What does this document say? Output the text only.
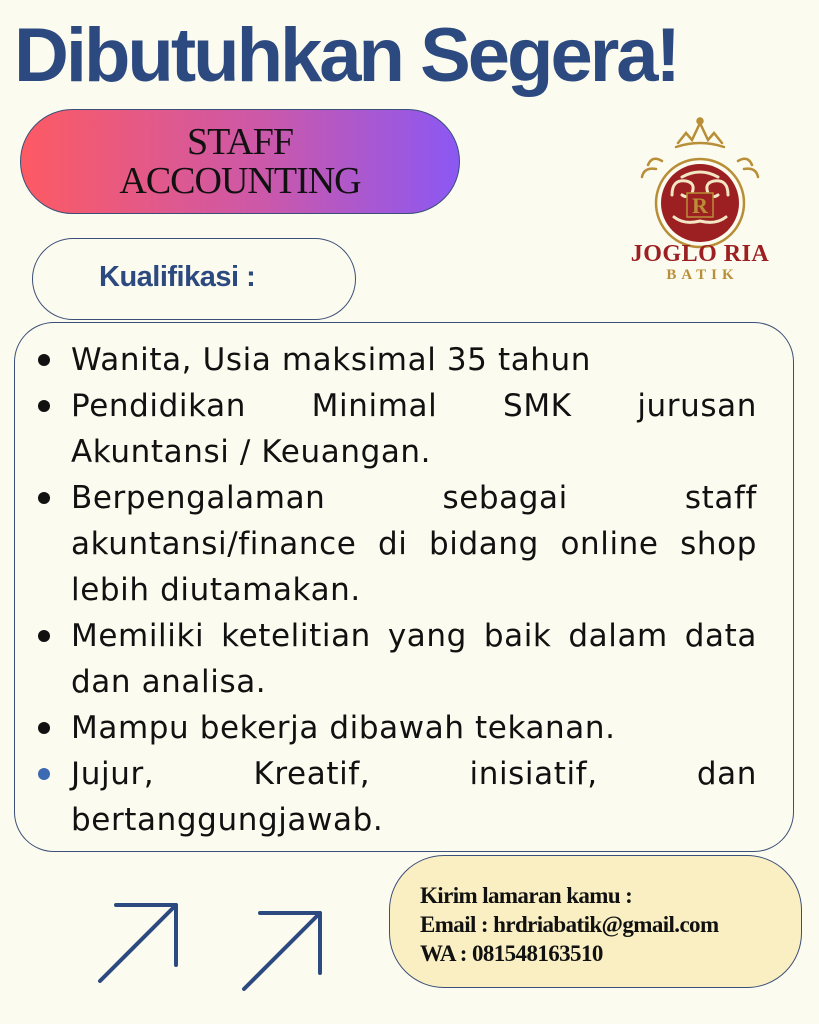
Dibutuhkan Segera!
STAFF
ACCOUNTING
R
JOGLO RIA
BATIK
Kualifikasi :
Wanita, Usia maksimal 35 tahun
Pendidikan Minimal SMK jurusan Akuntansi / Keuangan.
Berpengalaman sebagai staff akuntansi/finance di bidang online shop lebih diutamakan.
Memiliki ketelitian yang baik dalam data dan analisa.
Mampu bekerja dibawah tekanan.
Jujur, Kreatif, inisiatif, dan bertanggungjawab.
Kirim lamaran kamu :
Email : hrdriabatik@gmail.com
WA : 081548163510
